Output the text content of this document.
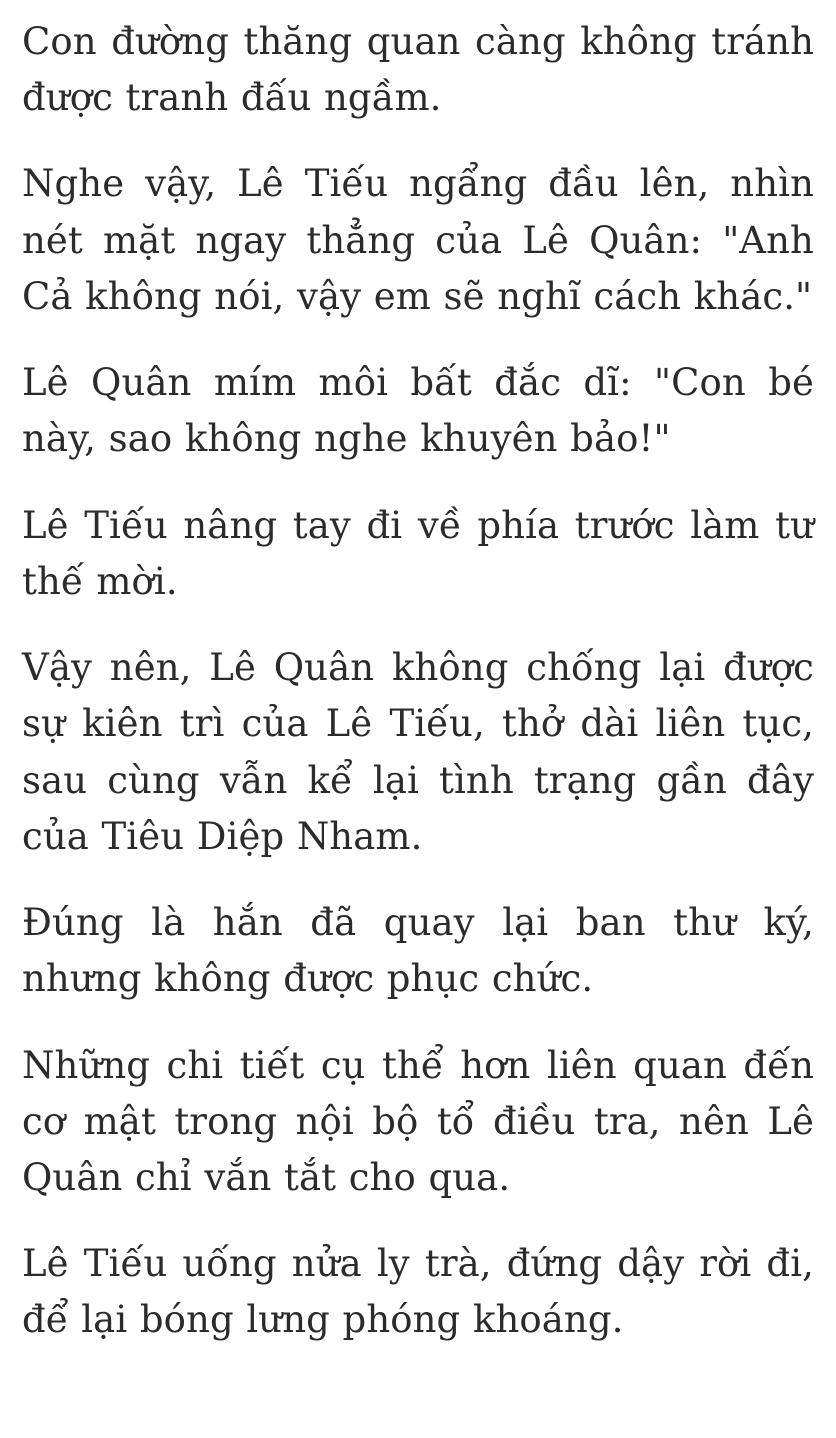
Con đường thăng quan càng không tránh được tranh đấu ngầm.

Nghe vậy, Lê Tiếu ngẩng đầu lên, nhìn nét mặt ngay thẳng của Lê Quân: "Anh Cả không nói, vậy em sẽ nghĩ cách khác."

Lê Quân mím môi bất đắc dĩ: "Con bé này, sao không nghe khuyên bảo!"

Lê Tiếu nâng tay đi về phía trước làm tư thế mời.

Vậy nên, Lê Quân không chống lại được sự kiên trì của Lê Tiếu, thở dài liên tục, sau cùng vẫn kể lại tình trạng gần đây của Tiêu Diệp Nham.

Đúng là hắn đã quay lại ban thư ký, nhưng không được phục chức.

Những chi tiết cụ thể hơn liên quan đến cơ mật trong nội bộ tổ điều tra, nên Lê Quân chỉ vắn tắt cho qua.

Lê Tiếu uống nửa ly trà, đứng dậy rời đi, để lại bóng lưng phóng khoáng.
